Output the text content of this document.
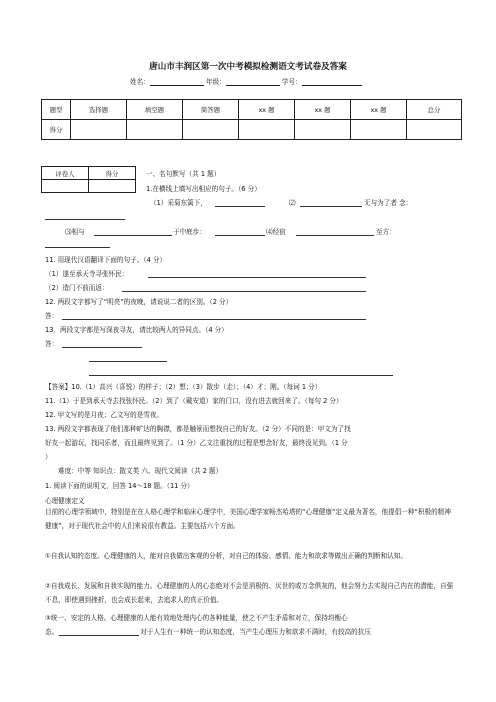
唐山市丰润区第一次中考模拟检测语文考试卷及答案
姓名：	年级：	学号：
题型	选择题	填空题	简答题	xx 题	xx 题	xx 题	总分
得分							
评卷人	得分
		一、名句默写（共 1 题）
1.在横线上填写出相应的句子。（6 分）
（1）采菊东篱下，	⑵	无与为了者 念：
⑶相与	于中庭步：	⑷经宿	至方：
11. 用现代汉语翻译下面的句子。（4 分）
（1）遂至承天寺寻张怀民：
（2）造门不前而返：
12. 两段文字都写了“明亮”的夜晚，请说说二者的区别。（2 分）
答：
13．两段文字都是写深夜寻友，请比较两人的异同点。（4 分）
答：
【答案】10.（1）高兴（喜悦）的样子；（2）想；（3）散步（走）；（4）才；刚。（每词 1 分）
11.（1）于是到承天寺去找张怀民。（2）到了（戴安道）家的门口，没有进去就回来了。（每句 2 分）
12. 甲文写的是月夜；乙文写的是雪夜。
13. 两段文字都表现了他们那种旷达的胸襟，都是触景而想找自己的好友。（2 分）不同的是：甲文为了找
好友一起游玩，找同乐者，而且最终见到了。（1 分）乙文注重找的过程是想念好友，最终没见到。（1 分
）
难度：中等 知识点：散文类 六、现代文阅读（共 2 题）
1. 阅读下面的说明文，回答 14～18 题。（11 分）
心理健康定义
目前的心理学领域中，特别是在在人格心理学和临床心理学中，美国心理学家畅杰哈塔的“心理健康”定义最为著名，他提倡一种“积极的精神健康”，对于现代社会中的人们来说很有教益。主要包括六个方面。
①自我认知的态度。心理健康的人，能对自我做出客观的分析，对自己的体验、感情、能力和欲求等做出正确的判断和认知。
②自我成长、发展和自我实现的能力。心理健康的人的心态绝对不会是消极的、厌世的或万念俱灰的，他会努力去实现自己内在的潜能，自强不息，即使遇到挫折，也会成长起来，去追求人的真正价值。
③统一、安定的人格。心理健康的人能有效地处理内心的各种能量，使之不产生矛盾和对立，保持均衡心
态。	对于人生有一种统一的认知态度，当产生心理压力和欲求不满时，有较高的抗压
